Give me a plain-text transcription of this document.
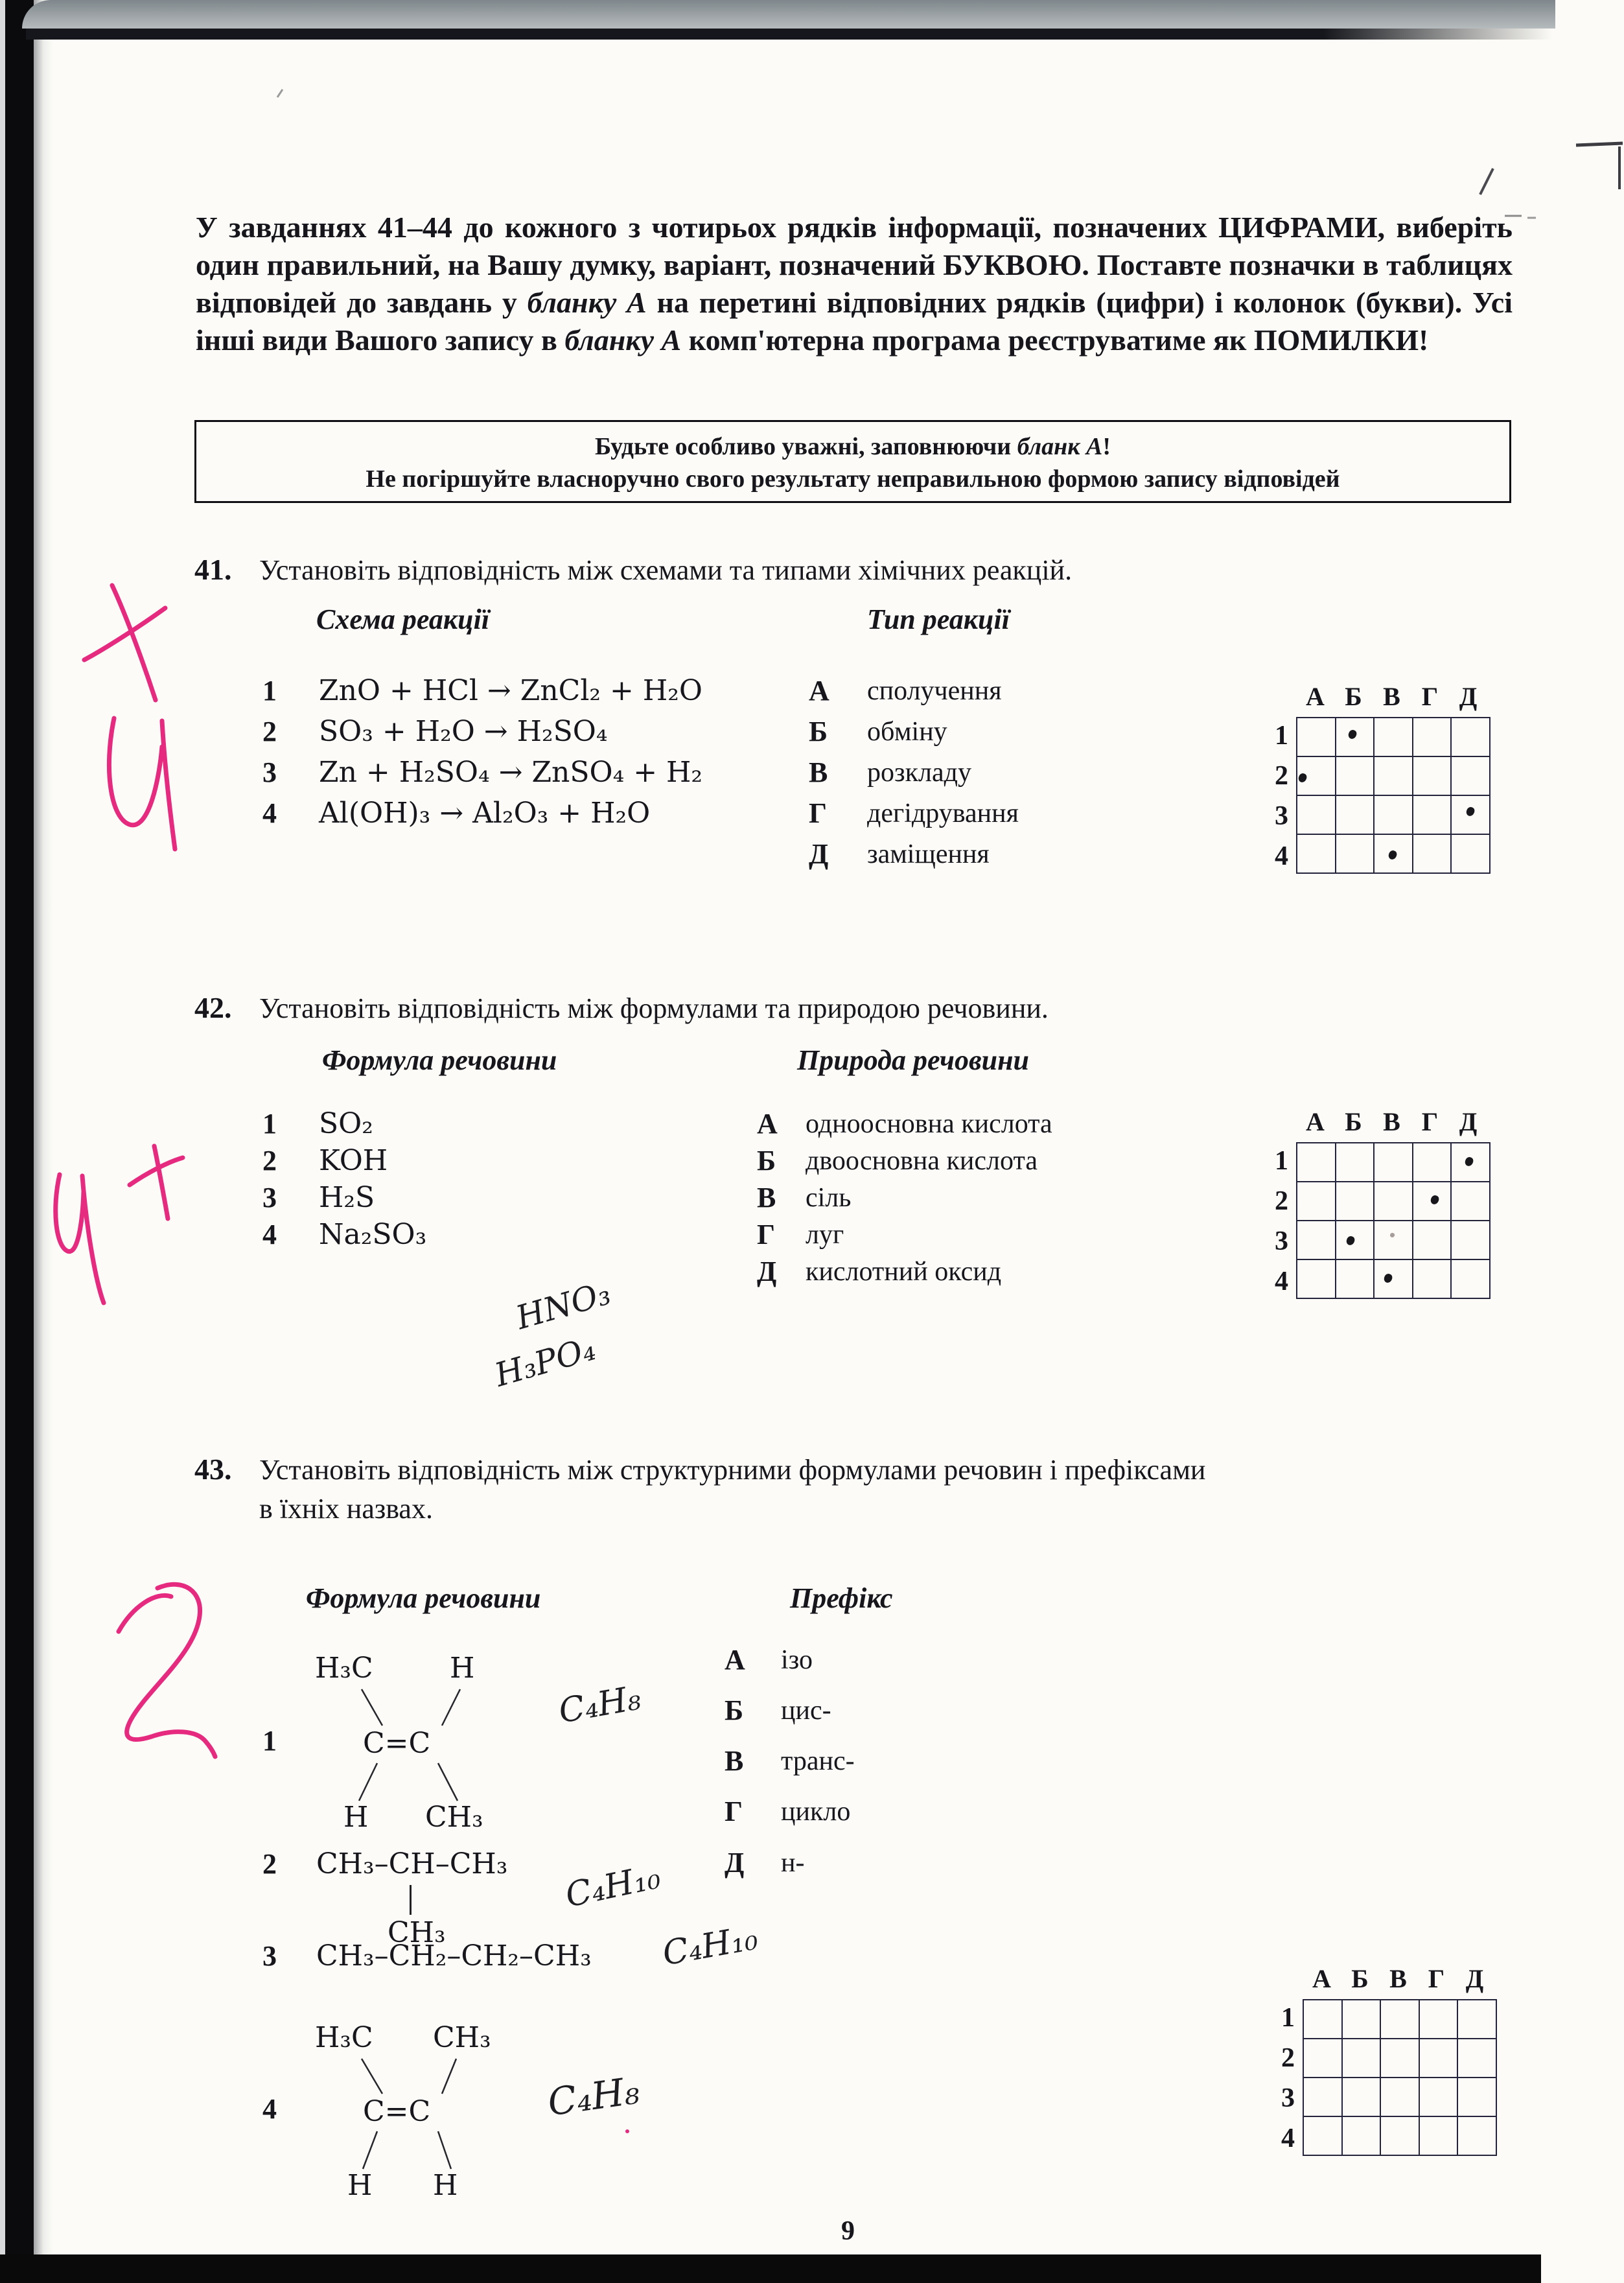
У завданнях 41–44 до кожного з чотирьох рядків інформації, позначених ЦИФРАМИ, виберіть один правильний, на Вашу думку, варіант, позначений БУКВОЮ. Поставте позначки в таблицях відповідей до завдань у бланку А на перетині відповідних рядків (цифри) і колонок (букви). Усі інші види Вашого запису в бланку А комп'ютерна програма реєструватиме як ПОМИЛКИ!
Будьте особливо уважні, заповнюючи бланк А!
Не погіршуйте власноручно свого результату неправильною формою запису відповідей
41. Установіть відповідність між схемами та типами хімічних реакцій.
Схема реакції	Тип реакції
1 ZnO + HCl → ZnCl₂ + H₂O
2 SO₃ + H₂O → H₂SO₄
3 Zn + H₂SO₄ → ZnSO₄ + H₂
4 Al(OH)₃ → Al₂O₃ + H₂O
А сполучення
Б обміну
В розкладу
Г дегідрування
Д заміщення
А Б В Г Д
1
2
3
4

42. Установіть відповідність між формулами та природою речовини.
Формула речовини	Природа речовини
1 SO₂
2 KOH
3 H₂S
4 Na₂SO₃
А одноосновна кислота
Б двоосновна кислота
В сіль
Г луг
Д кислотний оксид
HNO₃
H₃PO₄
А Б В Г Д
1
2
3
4

43. Установіть відповідність між структурними формулами речовин і префіксами
в їхніх назвах.
Формула речовини	Префікс
А ізо
Б цис-
В транс-
Г цикло
Д н-
1
H₃C	H
C=C
H CH₃
C₄H₈
2 CH₃–CH–CH₃
CH₃
C₄H₁₀
3 CH₃–CH₂–CH₂–CH₃ C₄H₁₀
4
H₃C CH₃
C=C
H H
C₄H₈
А Б В Г Д
1
2
3
4

9
